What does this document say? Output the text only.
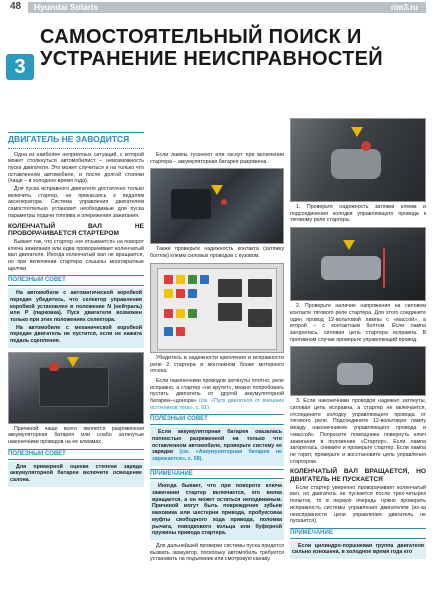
48 Hyundai Solaris	rim3.ru
3
САМОСТОЯТЕЛЬНЫЙ ПОИСК И УСТРАНЕНИЕ НЕИСПРАВНОСТЕЙ
ДВИГАТЕЛЬ НЕ ЗАВОДИТСЯ

Одна из наиболее неприятных ситуаций, с которой может столкнуться автомобилист – невозможность пуска двигателя. Это может случиться и на только что оставленном автомобиле, и после долгой стоянки (чаще – в холодное время года).

Для пуска исправного двигателя достаточно только включить стартер, не прикасаясь к педалям акселератора. Система управления двигателем самостоятельно установит необходимые для пуска параметры подачи топлива и опережения зажигания.

КОЛЕНЧАТЫЙ ВАЛ НЕ ПРОВОРАЧИВАЕТСЯ СТАРТЕРОМ

Бывает так, что стартер «не отзывается» на поворот ключа зажигания или едва проворачивает коленчатый вал двигателя. Иногда коленчатый вал не вращается, но при включении стартера слышны многократные щелчки.

ПОЛЕЗНЫЙ СОВЕТ

На автомобиле с автоматической коробкой передач убедитесь, что селектор управления коробкой установлен в положение N (нейтраль) или P (парковка). Пуск двигателя возможен только при этих положениях селектора.

На автомобиле с механической коробкой передач двигатель не пустится, если не нажата педаль сцепления.

Причиной чаще всего является разряженная аккумуляторная батарея или слабо затянутые наконечники проводов на ее клеммах.

ПОЛЕЗНЫЙ СОВЕТ

Для примерной оценки степени заряда аккумуляторной батареи включите освещение салона.

Если лампы тускнеют или гаснут при включении стартера – аккумуляторная батарея разряжена.

Также проверьте надежность контакта (затяжку болтов) клемм силовых проводов с кузовом.

Убедитесь в надежности крепления и исправности реле 2 стартера в монтажном блоке моторного отсека.

Если наконечники проводов затянуты плотно, реле исправно, а стартер «не крутит», можно попробовать пустить двигатель от другой аккумуляторной батареи–«донора» (см. «Пуск двигателя от внешних источников тока», с. 61).

ПОЛЕЗНЫЙ СОВЕТ

Если аккумуляторная батарея оказалась полностью разряженной на только что оставленном автомобиле, проверьте систему ее зарядки (см. «Аккумуляторная батарея не заряжается», с. 58).

ПРИМЕЧАНИЕ

Иногда бывает, что при повороте ключа зажигания стартер включается, его вилка вращается, а он может остаться неподвижным. Причиной могут быть повреждение зубьев маховика или шестерни привода, пробуксовка муфты свободного хода привода, поломка рычага, поводкового кольца или буферной пружины привода стартера.

Для дальнейшей проверки системы пуска придется вызвать эвакуатор, поскольку автомобиль требуется установить на подъемник или смотровую канаву.

1. Проверьте надежность затяжки клемм и подсоединения колодки управляющего провода к тяговому реле стартера.

2. Проверьте наличие напряжения на силовом контакте тягового реле стартера. Для этого соедините один провод 12-вольтовой лампы с «массой», а второй – с контактным болтом. Если лампа загорелась, силовая цепь стартера исправна. В противном случае проверьте управляющий провод.

3. Если наконечники проводов надежно затянуты, силовая цепь исправна, а стартер не включается, отсоедините колодку управляющего провода от тягового реле. Подсоедините 12-вольтовую лампу между наконечником управляющего провода и «массой». Попросите помощника повернуть ключ зажигания в положение «Стартер». Если лампа загорелась, снимите и проверьте стартер. Если лампа не горит, проверьте и восстановите цепь управления стартером.

КОЛЕНЧАТЫЙ ВАЛ ВРАЩАЕТСЯ, НО ДВИГАТЕЛЬ НЕ ПУСКАЕТСЯ

Если стартер уверенно проворачивает коленчатый вал, но двигатель не пускается после трех-четырех попыток, то в первую очередь нужно проверить исправность системы управления двигателем (из-за неисправности цепи управления двигатель не пускается).

ПРИМЕЧАНИЕ

Если цилиндро-поршневая группа двигателя сильно изношена, в холодное время года его
